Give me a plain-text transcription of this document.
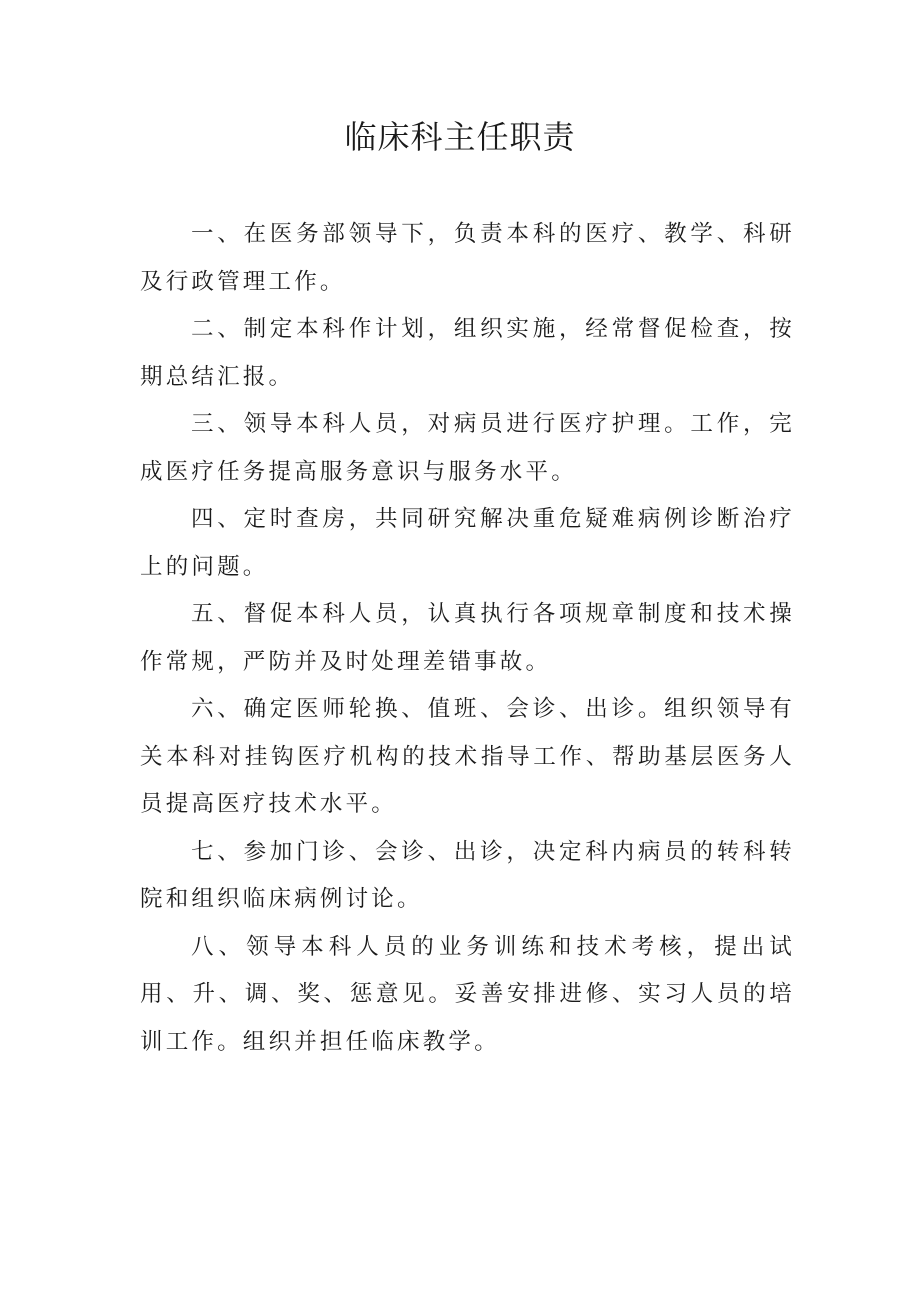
临床科主任职责

一、在医务部领导下，负责本科的医疗、教学、科研及行政管理工作。

二、制定本科作计划，组织实施，经常督促检查，按期总结汇报。

三、领导本科人员，对病员进行医疗护理。工作，完成医疗任务提高服务意识与服务水平。

四、定时查房，共同研究解决重危疑难病例诊断治疗上的问题。

五、督促本科人员，认真执行各项规章制度和技术操作常规，严防并及时处理差错事故。

六、确定医师轮换、值班、会诊、出诊。组织领导有关本科对挂钩医疗机构的技术指导工作、帮助基层医务人员提高医疗技术水平。

七、参加门诊、会诊、出诊，决定科内病员的转科转院和组织临床病例讨论。

八、领导本科人员的业务训练和技术考核，提出试用、升、调、奖、惩意见。妥善安排进修、实习人员的培训工作。组织并担任临床教学。
